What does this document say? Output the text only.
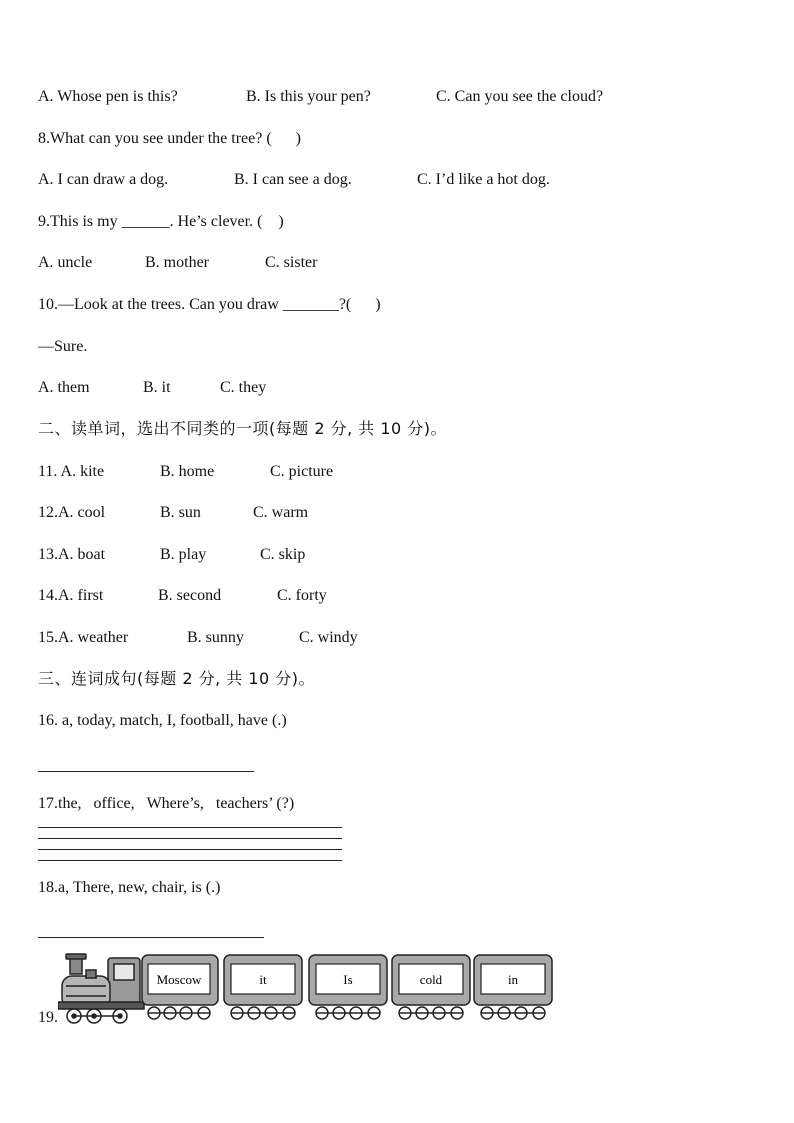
A. Whose pen is this?	B. Is this your pen?	C. Can you see the cloud?
8.What can you see under the tree? (      )
A. I can draw a dog.	B. I can see a dog.	C. I’d like a hot dog.
9.This is my ______. He’s clever. (    )
A. uncle	B. mother	C. sister
10.—Look at the trees. Can you draw _______?(      )
—Sure.
A. them	B. it	C. they
二、读单词，选出不同类的一项(每题 2 分, 共 10 分)。
11. A. kite	B. home	C. picture
12.A. cool	B. sun	C. warm
13.A. boat	B. play	C. skip
14.A. first	B. second	C. forty
15.A. weather	B. sunny	C. windy
三、连词成句(每题 2 分, 共 10 分)。
16. a, today, match, I, football, have (.)
17.the,   office,   Where’s,   teachers’ (?)
18.a, There, new, chair, is (.)
19.
Moscow	it	Is	cold	in
